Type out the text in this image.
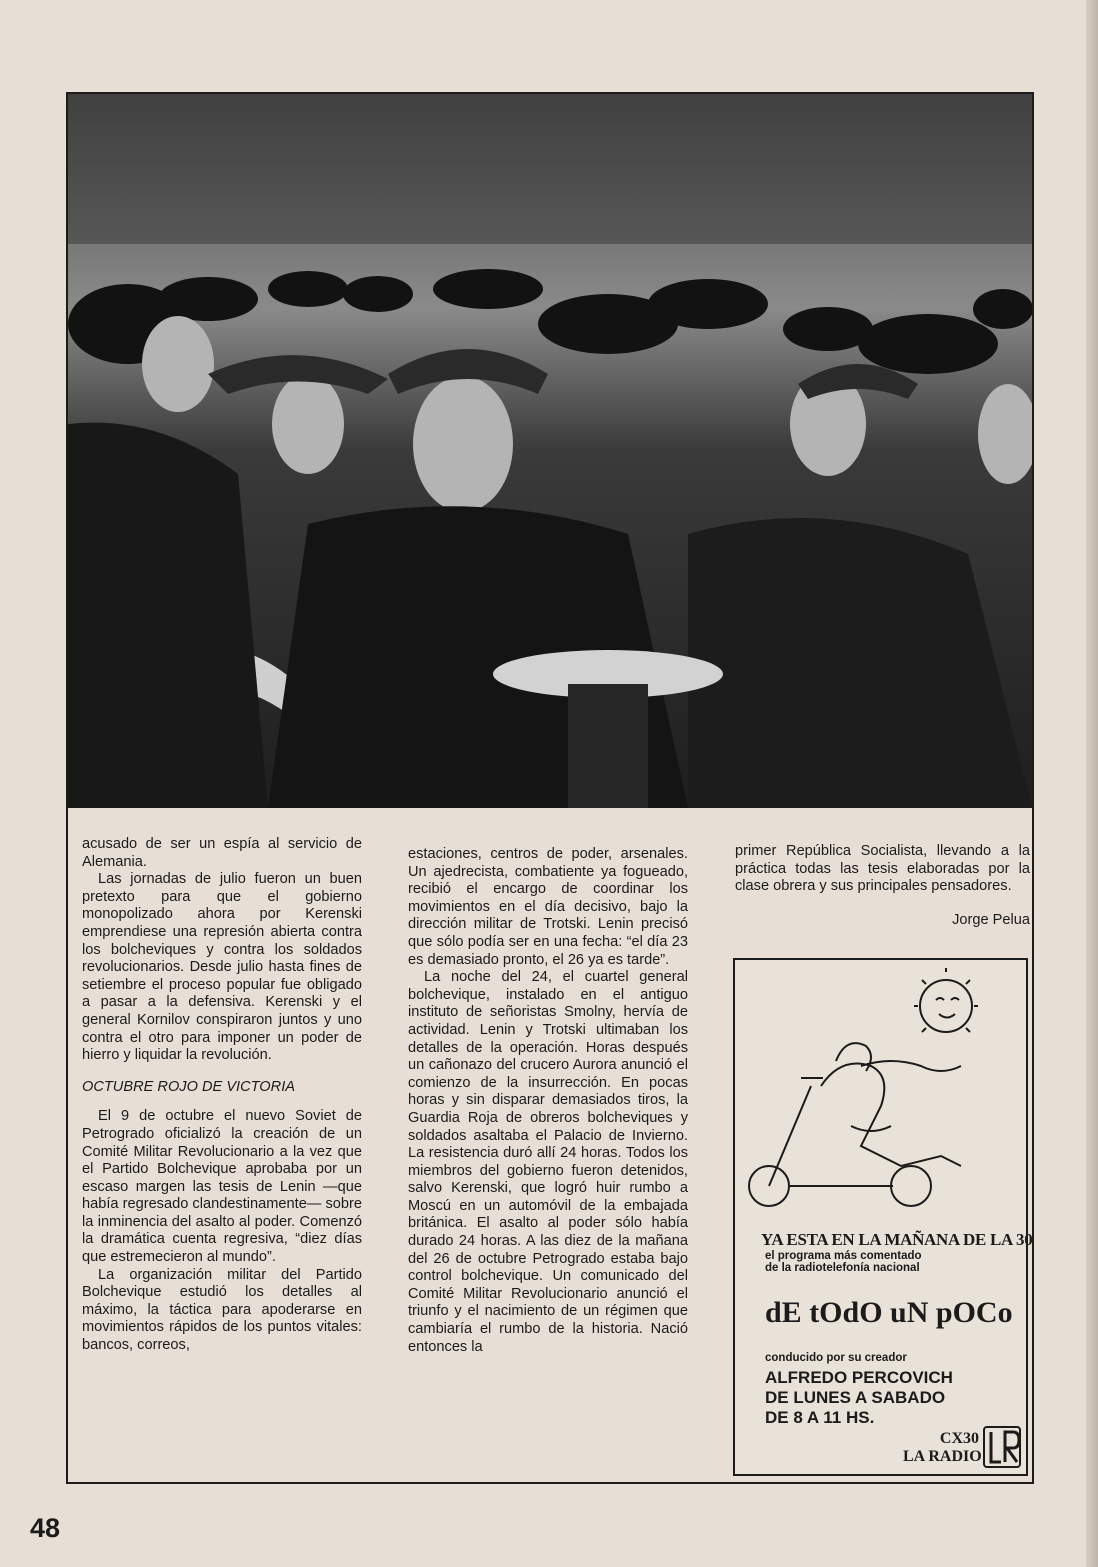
acusado de ser un espía al servicio de Alemania.

Las jornadas de julio fueron un buen pretexto para que el gobierno monopolizado ahora por Kerenski emprendiese una represión abierta contra los bolcheviques y contra los soldados revolucionarios. Desde julio hasta fines de setiembre el proceso popular fue obligado a pasar a la defensiva. Kerenski y el general Kornilov conspiraron juntos y uno contra el otro para imponer un poder de hierro y liquidar la revolución.

OCTUBRE ROJO DE VICTORIA

El 9 de octubre el nuevo Soviet de Petrogrado oficializó la creación de un Comité Militar Revolucionario a la vez que el Partido Bolchevique aprobaba por un escaso margen las tesis de Lenin —que había regresado clandestinamente— sobre la inminencia del asalto al poder. Comenzó la dramática cuenta regresiva, “diez días que estremecieron al mundo”.

La organización militar del Partido Bolchevique estudió los detalles al máximo, la táctica para apoderarse en movimientos rápidos de los puntos vitales: bancos, correos,

estaciones, centros de poder, arsenales. Un ajedrecista, combatiente ya fogueado, recibió el encargo de coordinar los movimientos en el día decisivo, bajo la dirección militar de Trotski. Lenin precisó que sólo podía ser en una fecha: “el día 23 es demasiado pronto, el 26 ya es tarde”.

La noche del 24, el cuartel general bolchevique, instalado en el antiguo instituto de señoristas Smolny, hervía de actividad. Lenin y Trotski ultimaban los detalles de la operación. Horas después un cañonazo del crucero Aurora anunció el comienzo de la insurrección. En pocas horas y sin disparar demasiados tiros, la Guardia Roja de obreros bolcheviques y soldados asaltaba el Palacio de Invierno. La resistencia duró allí 24 horas. Todos los miembros del gobierno fueron detenidos, salvo Kerenski, que logró huir rumbo a Moscú en un automóvil de la embajada británica. El asalto al poder sólo había durado 24 horas. A las diez de la mañana del 26 de octubre Petrogrado estaba bajo control bolchevique. Un comunicado del Comité Militar Revolucionario anunció el triunfo y el nacimiento de un régimen que cambiaría el rumbo de la historia. Nació entonces la

primer República Socialista, llevando a la práctica todas las tesis elaboradas por la clase obrera y sus principales pensadores.

Jorge Pelua

YA ESTA EN LA MAÑANA DE LA 30
el programa más comentado
de la radiotelefonía nacional
dE tOdO uN pOCo
conducido por su creador
ALFREDO PERCOVICH
DE LUNES A SABADO
DE 8 A 11 HS.
CX30
LA RADIO
48
